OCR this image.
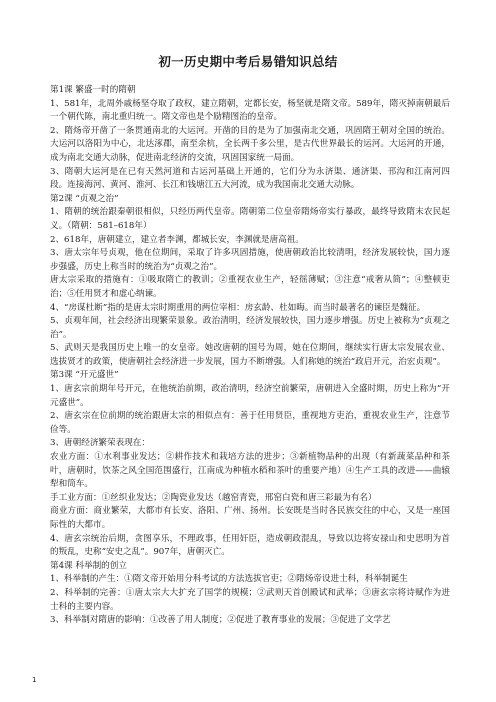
初一历史期中考后易错知识总结

第1课 繁盛一时的隋朝

1、581年，北周外戚杨坚夺取了政权，建立隋朝，定都长安，杨坚就是隋文帝。589年，隋灭掉南朝最后一个朝代陈，南北重归统一。隋文帝也是个励精图治的皇帝。

2、隋炀帝开凿了一条贯通南北的大运河。开凿的目的是为了加强南北交通，巩固隋王朝对全国的统治。大运河以洛阳为中心，北达涿郡，南至余杭，全长两千多公里，是古代世界最长的运河。大运河的开通，成为南北交通大动脉，促进南北经济的交流，巩固国家统一局面。

3、隋朝大运河是在已有天然河道和古运河基础上开通的，它们分为永济渠、通济渠、邗沟和江南河四段。连接海河、黄河、淮河、长江和钱塘江五大河流，成为我国南北交通大动脉。

第2课 “贞观之治”

1、隋朝的统治跟秦朝很相似，只经历两代皇帝。隋朝第二位皇帝隋炀帝实行暴政，最终导致隋末农民起义。（隋朝：581–618年）

2、618年，唐朝建立，建立者李渊，都城长安，李渊就是唐高祖。

3、唐太宗年号贞观，他在位期间，采取了许多巩固措施，使唐朝政治比较清明，经济发展较快，国力逐步强盛，历史上称当时的统治为“贞观之治”。

唐太宗采取的措施有：①吸取隋亡的教训；②重视农业生产，轻徭薄赋；③注意“戒奢从简”；④整顿吏治；⑤任用贤才和虚心纳谏。

4、“房谋杜断”指的是唐太宗时期重用的两位宰相：房玄龄、杜如晦。而当时最著名的谏臣是魏征。

5、贞观年间，社会经济出现繁荣景象。政治清明，经济发展较快，国力逐步增强。历史上被称为“贞观之治”。

5、武则天是我国历史上唯一的女皇帝。她改唐朝的国号为周，她在位期间，继续实行唐太宗发展农业、选拔贤才的政策，使唐朝社会经济进一步发展，国力不断增强。人们称她的统治“政启开元，治宏贞观”。

第3课 “开元盛世”

1、唐玄宗前期年号开元，在他统治前期，政治清明，经济空前繁荣，唐朝进入全盛时期，历史上称为“开元盛世”。

2、唐玄宗在位前期的统治跟唐太宗的相似点有：善于任用贤臣，重视地方吏治，重视农业生产，注意节俭等。

3、唐朝经济繁荣表现在：

农业方面：①水利事业发达；②耕作技术和栽培方法的进步；③新植物品种的出现（有新蔬菜品种和茶叶，唐朝时，饮茶之风全国范围盛行，江南成为种植水稻和茶叶的重要产地）④生产工具的改进——曲辕犁和筒车。

手工业方面：①丝织业发达；②陶瓷业发达（越窑青瓷，邢窑白瓷和唐三彩最为有名）

商业方面：商业繁荣，大都市有长安、洛阳、广州、扬州。长安既是当时各民族交往的中心，又是一座国际性的大都市。

4、唐玄宗统治后期，贪图享乐，不理政事，任用奸臣，造成朝政混乱，导致以边将安禄山和史思明为首的叛乱，史称“安史之乱”。907年，唐朝灭亡。

第4课 科举制的创立

1、科举制的产生：①隋文帝开始用分科考试的方法选拔官吏；②隋炀帝设进士科，科举制诞生

2、科举制的完善：①唐太宗大大扩充了国学的规模；②武则天首创殿试和武举；③唐玄宗将诗赋作为进士科的主要内容。

3、科举制对隋唐的影响：①改善了用人制度；②促进了教育事业的发展；③促进了文学艺

1
